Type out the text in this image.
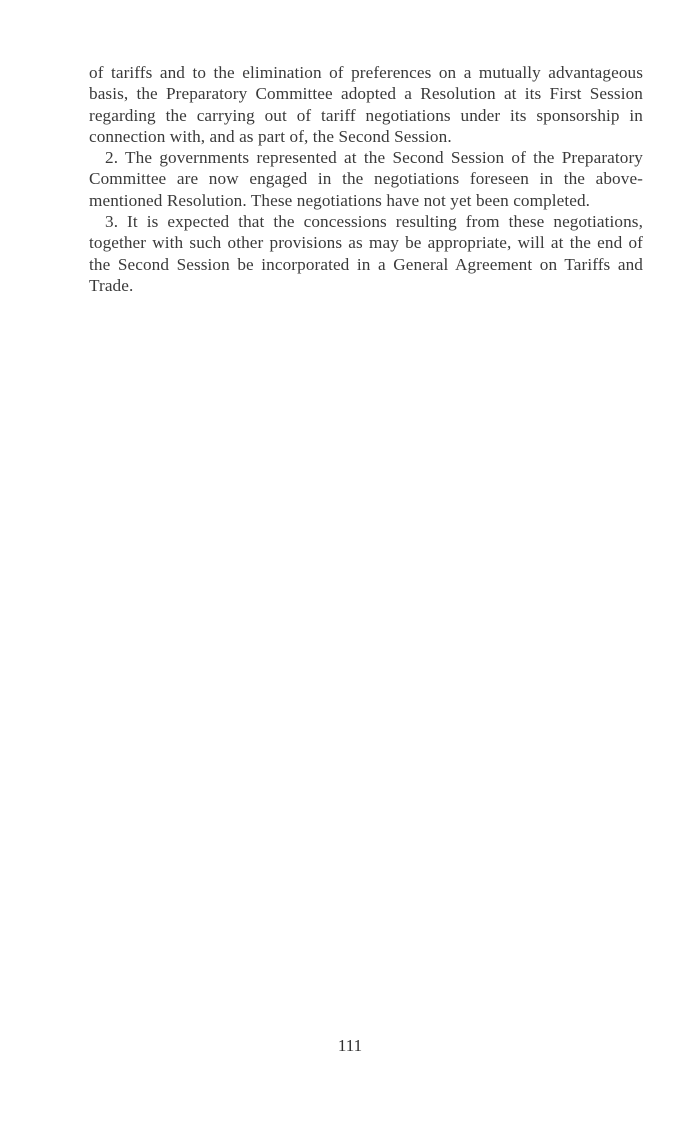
of tariffs and to the elimination of preferences on a mutually advantageous basis, the Preparatory Committee adopted a Resolution at its First Session regarding the carrying out of tariff negotiations under its sponsorship in connection with, and as part of, the Second Session.

2. The governments represented at the Second Session of the Preparatory Committee are now engaged in the negotiations foreseen in the above-mentioned Resolution. These negotiations have not yet been completed.

3. It is expected that the concessions resulting from these negotiations, together with such other provisions as may be appropriate, will at the end of the Second Session be incorporated in a General Agreement on Tariffs and Trade.

111
